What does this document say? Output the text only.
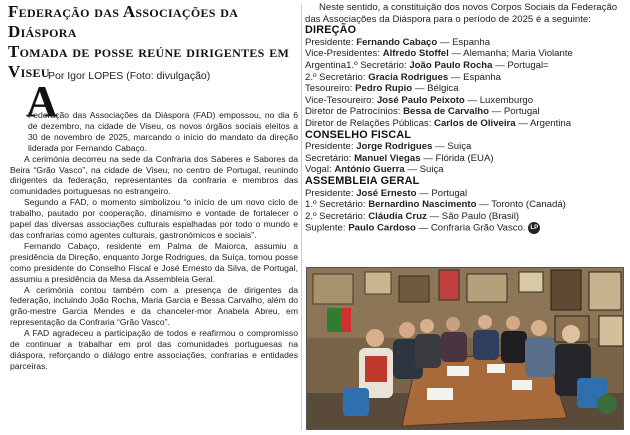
Federação das Associações da Diáspora
Tomada de posse reúne dirigentes em Viseu
Por Igor LOPES (Foto: divulgação)
A

Federação das Associações da Diáspora (FAD) empossou, no dia 6 de dezembro, na cidade de Viseu, os novos órgãos sociais eleitos a 30 de novembro de 2025, marcando o início do mandato da direção liderada por Fernando Cabaço.

A cerimónia decorreu na sede da Confraria dos Saberes e Sabores da Beira “Grão Vasco”, na cidade de Viseu, no centro de Portugal, reunindo dirigentes da federação, representantes da confraria e membros das comunidades portuguesas no estrangeiro.

Segundo a FAD, o momento simbolizou “o início de um novo ciclo de trabalho, pautado por cooperação, dinamismo e vontade de fortalecer o papel das diversas associações culturais espalhadas por todo o mundo e das confrarias como agentes culturais, gastronómicos e sociais”.

Fernando Cabaço, residente em Palma de Maiorca, assumiu a presidência da Direção, enquanto Jorge Rodrigues, da Suíça, tomou posse como presidente do Conselho Fiscal e José Ernesto da Silva, de Portugal, assumiu a presidência da Mesa da Assembleia Geral.

A cerimónia contou também com a presença de dirigentes da federação, incluindo João Rocha, Maria Garcia e Bessa Carvalho, além do grão-mestre Garcia Mendes e da chanceler-mor Anabela Abreu, em representação da Confraria “Grão Vasco”.

A FAD agradeceu a participação de todos e reafirmou o compromisso de continuar a trabalhar em prol das comunidades portuguesas na diáspora, reforçando o diálogo entre associações, confrarias e entidades parceiras.

Neste sentido, a constituição dos novos Corpos Sociais da Federação das Associações da Diáspora para o período de 2025 é a seguinte:
DIREÇÃO
Presidente: Fernando Cabaço — Espanha
Vice-Presidentes: Alfredo Stoffel — Alemanha; Maria Violante
Argentina1.º Secretário: João Paulo Rocha — Portugal=
2.º Secretário: Gracia Rodrigues — Espanha
Tesoureiro: Pedro Rupio — Bélgica
Vice-Tesoureiro: José Paulo Peixoto — Luxemburgo
Diretor de Patrocínios: Bessa de Carvalho — Portugal
Diretor de Relações Públicas: Carlos de Oliveira — Argentina
CONSELHO FISCAL
Presidente: Jorge Rodrigues — Suiça
Secretário: Manuel Viegas — Flórida (EUA)
Vogal: António Guerra — Suiça
ASSEMBLEIA GERAL
Presidente: José Ernesto — Portugal
1.º Secretário: Bernardino Nascimento — Toronto (Canadá)
2.º Secretário: Cláudia Cruz — São Paulo (Brasil)
Suplente: Paulo Cardoso — Confraria Grão Vasco. LP
